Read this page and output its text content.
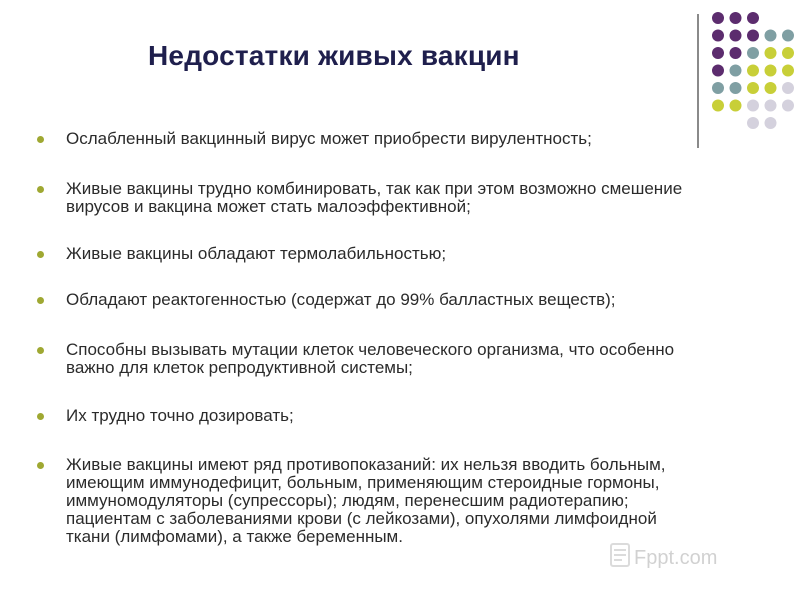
Недостатки живых вакцин
Ослабленный вакцинный вирус может приобрести вирулентность;
Живые вакцины трудно комбинировать, так как при этом возможно смешение вирусов и вакцина может стать малоэффективной;
Живые вакцины обладают термолабильностью;
Обладают реактогенностью (содержат до 99% балластных веществ);
Способны вызывать мутации клеток человеческого организма, что особенно важно для клеток репродуктивной системы;
Их трудно точно дозировать;
Живые вакцины имеют ряд противопоказаний: их нельзя вводить больным, имеющим иммунодефицит, больным, применяющим стероидные гормоны, иммуномодуляторы (супрессоры); людям, перенесшим радиотерапию; пациентам с заболеваниями крови (с лейкозами), опухолями лимфоидной ткани (лимфомами), а также беременным.
Fppt.com
